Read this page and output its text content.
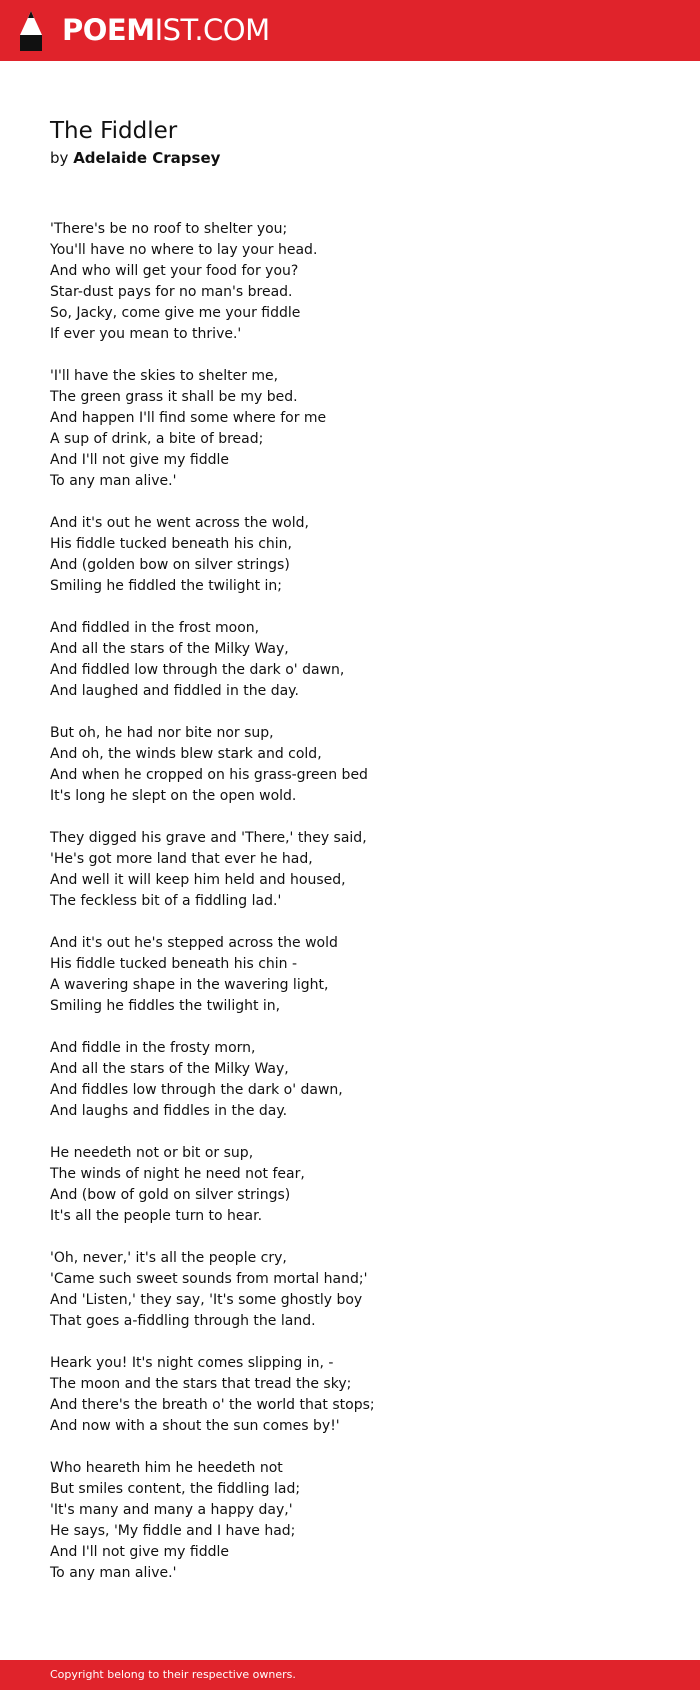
POEMIST.COM
The Fiddler
by Adelaide Crapsey
'There's be no roof to shelter you;
You'll have no where to lay your head.
And who will get your food for you?
Star-dust pays for no man's bread.
So, Jacky, come give me your fiddle
If ever you mean to thrive.'
'I'll have the skies to shelter me,
The green grass it shall be my bed.
And happen I'll find some where for me
A sup of drink, a bite of bread;
And I'll not give my fiddle
To any man alive.'
And it's out he went across the wold,
His fiddle tucked beneath his chin,
And (golden bow on silver strings)
Smiling he fiddled the twilight in;
And fiddled in the frost moon,
And all the stars of the Milky Way,
And fiddled low through the dark o' dawn,
And laughed and fiddled in the day.
But oh, he had nor bite nor sup,
And oh, the winds blew stark and cold,
And when he cropped on his grass-green bed
It's long he slept on the open wold.
They digged his grave and 'There,' they said,
'He's got more land that ever he had,
And well it will keep him held and housed,
The feckless bit of a fiddling lad.'
And it's out he's stepped across the wold
His fiddle tucked beneath his chin -
A wavering shape in the wavering light,
Smiling he fiddles the twilight in,
And fiddle in the frosty morn,
And all the stars of the Milky Way,
And fiddles low through the dark o' dawn,
And laughs and fiddles in the day.
He needeth not or bit or sup,
The winds of night he need not fear,
And (bow of gold on silver strings)
It's all the people turn to hear.
'Oh, never,' it's all the people cry,
'Came such sweet sounds from mortal hand;'
And 'Listen,' they say, 'It's some ghostly boy
That goes a-fiddling through the land.
Heark you! It's night comes slipping in, -
The moon and the stars that tread the sky;
And there's the breath o' the world that stops;
And now with a shout the sun comes by!'
Who heareth him he heedeth not
But smiles content, the fiddling lad;
'It's many and many a happy day,'
He says, 'My fiddle and I have had;
And I'll not give my fiddle
To any man alive.'
Copyright belong to their respective owners.
